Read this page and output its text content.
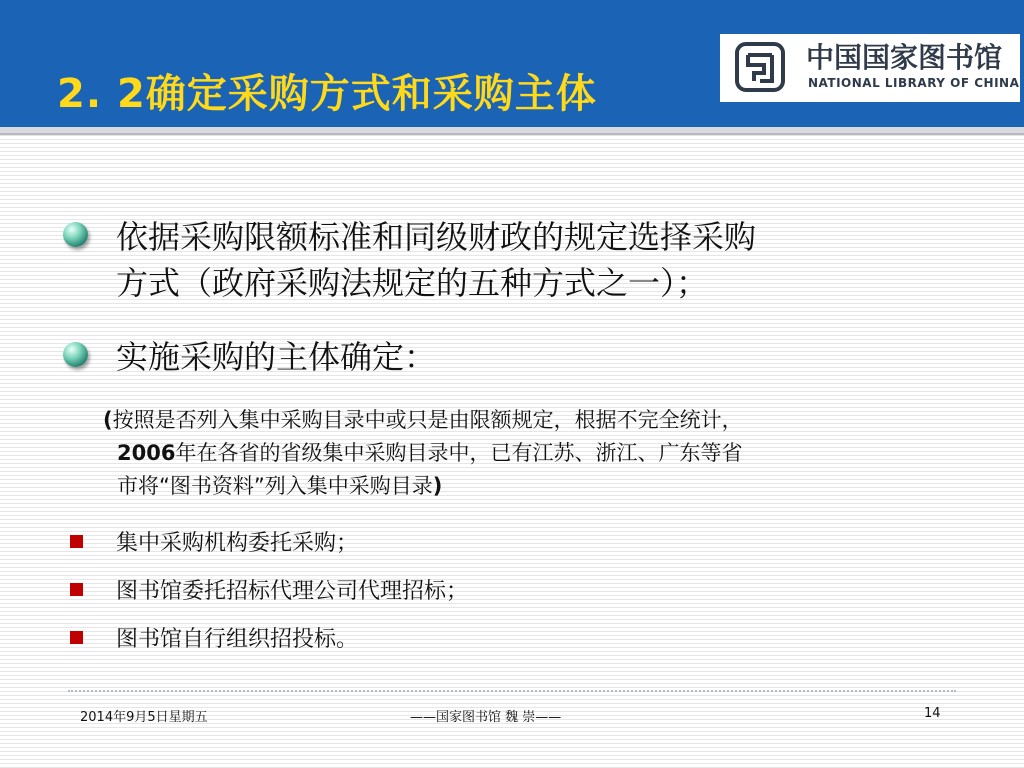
2. 2确定采购方式和采购主体
中国国家图书馆
NATIONAL LIBRARY OF CHINA
依据采购限额标准和同级财政的规定选择采购
方式（政府采购法规定的五种方式之一）；
实施采购的主体确定：
(按照是否列入集中采购目录中或只是由限额规定，根据不完全统计，
2006年在各省的省级集中采购目录中，已有江苏、浙江、广东等省
市将“图书资料”列入集中采购目录)
集中采购机构委托采购；
图书馆委托招标代理公司代理招标；
图书馆自行组织招投标。
2014年9月5日星期五	——国家图书馆 魏 崇——	14
